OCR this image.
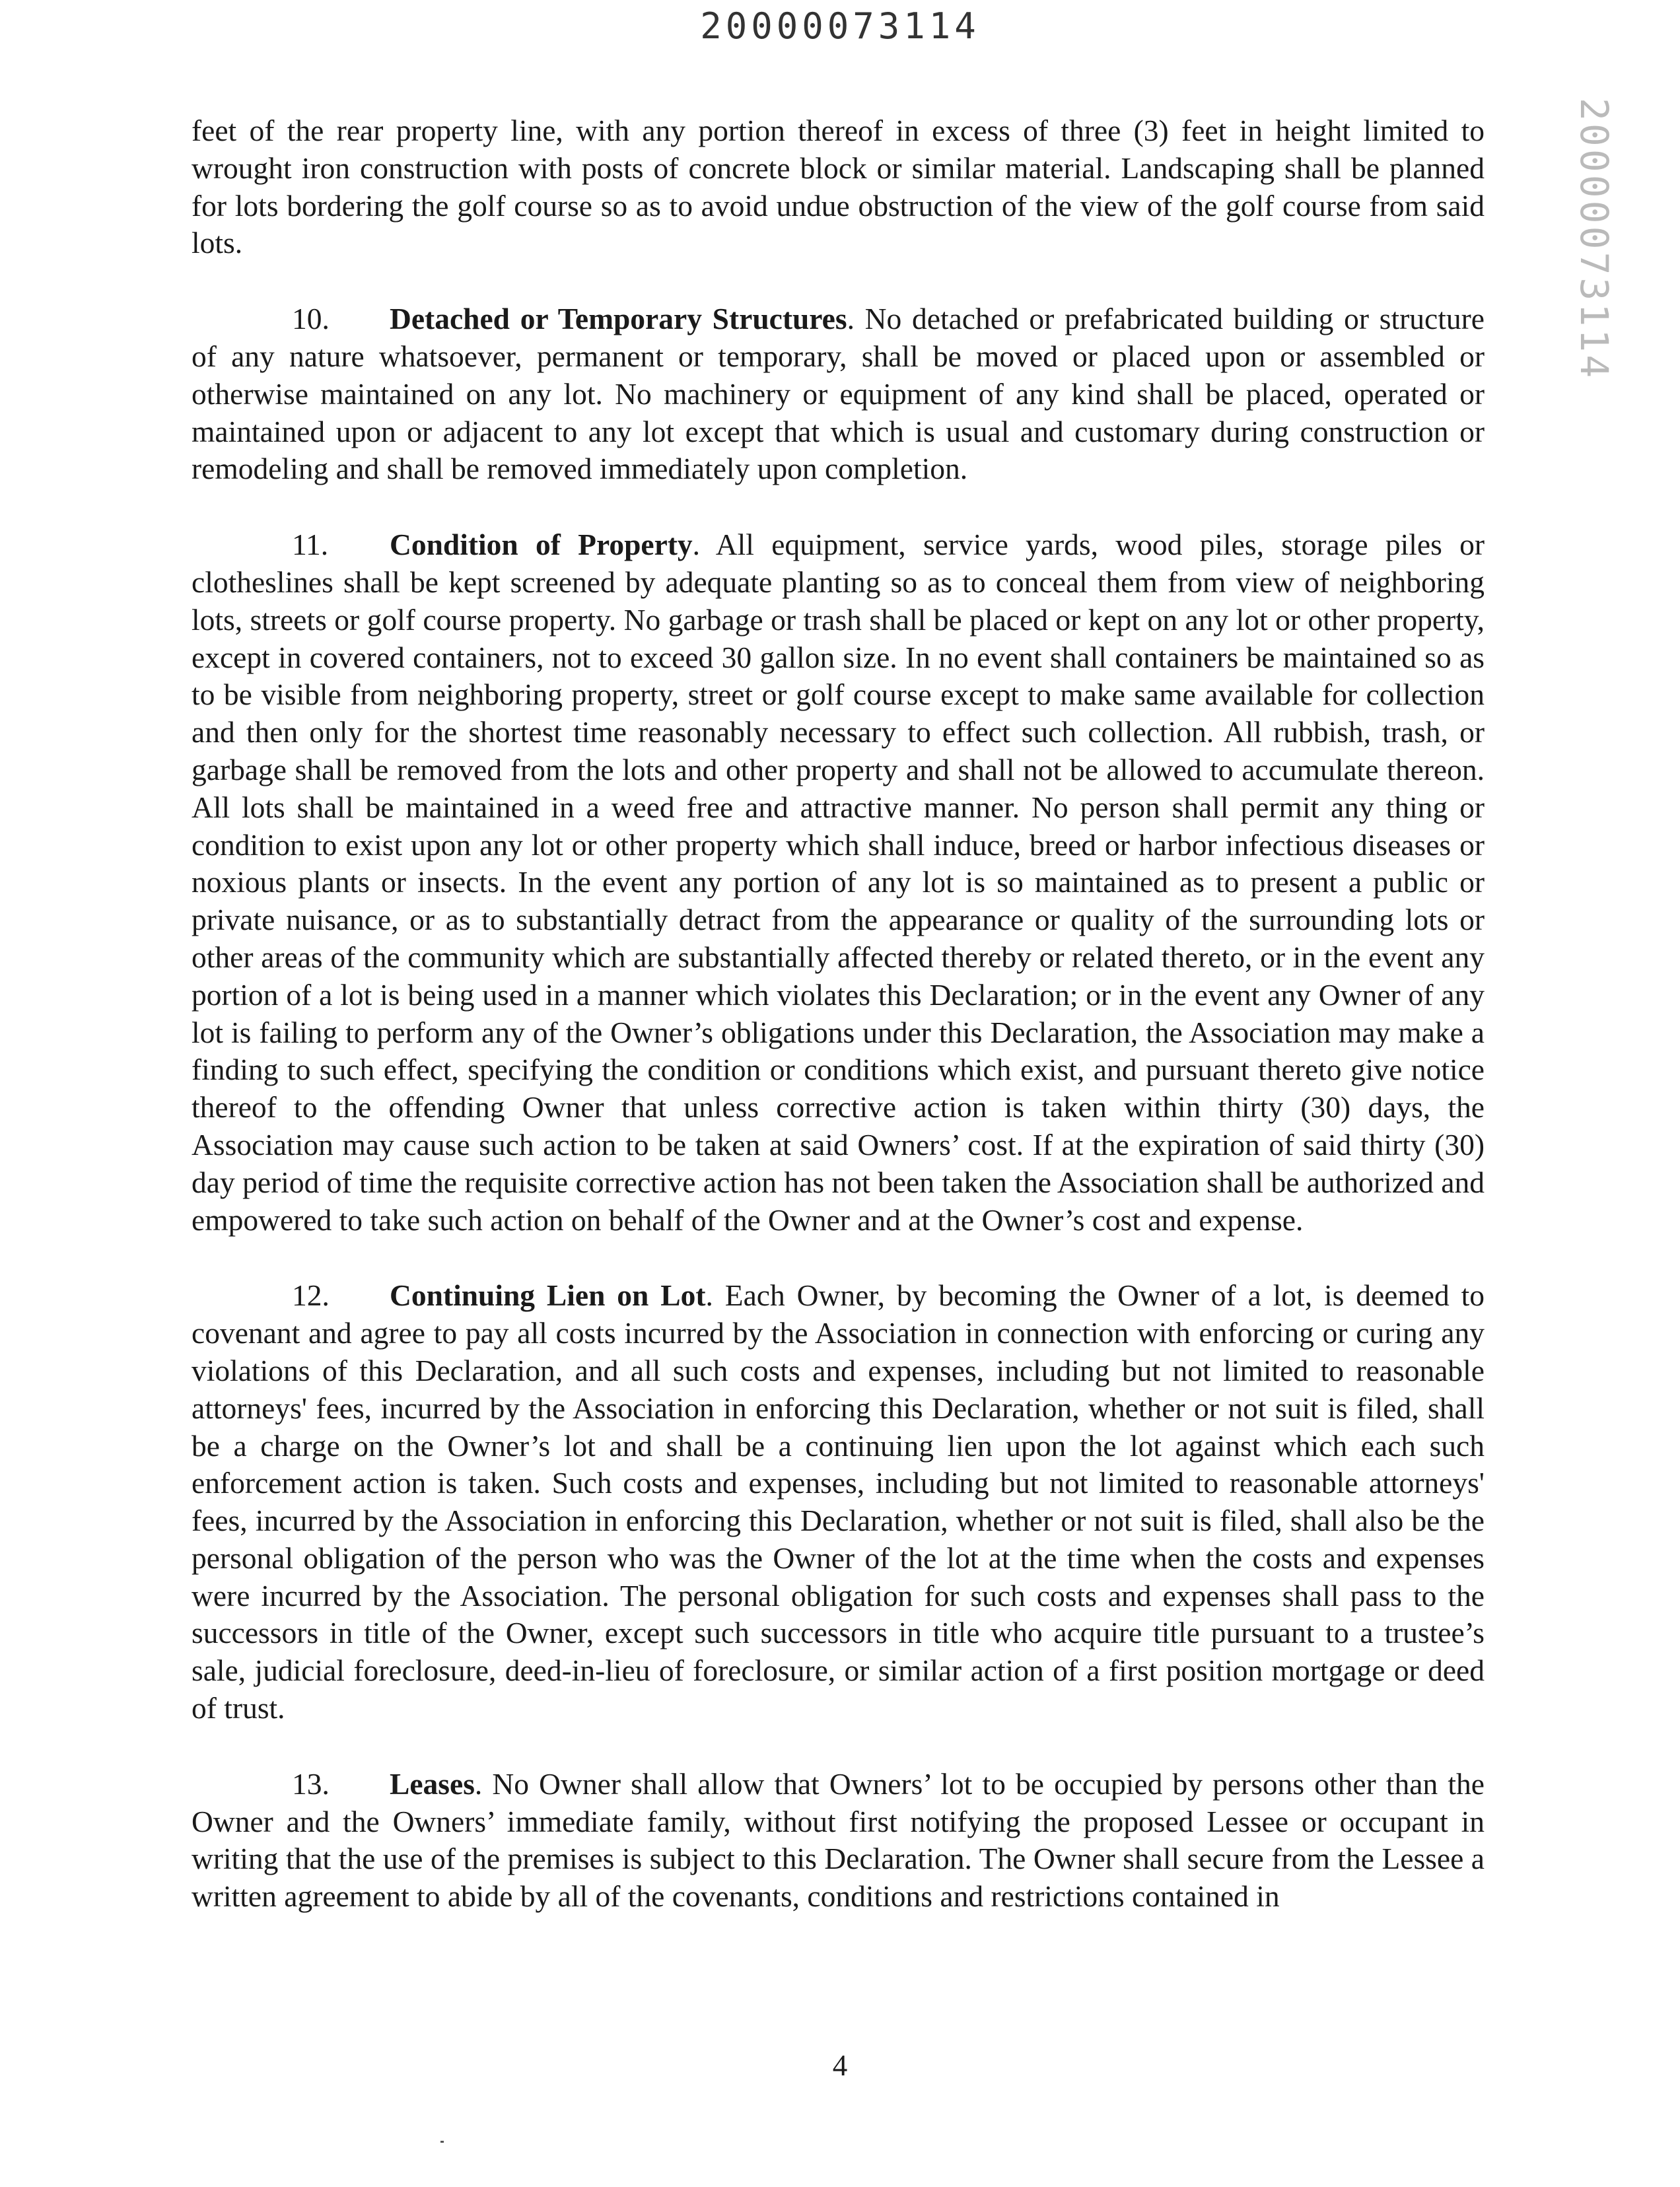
20000073114
20000073114

feet of the rear property line, with any portion thereof in excess of three (3) feet in height limited to wrought iron construction with posts of concrete block or similar material. Landscaping shall be planned for lots bordering the golf course so as to avoid undue obstruction of the view of the golf course from said lots.

10. Detached or Temporary Structures. No detached or prefabricated building or structure of any nature whatsoever, permanent or temporary, shall be moved or placed upon or assembled or otherwise maintained on any lot. No machinery or equipment of any kind shall be placed, operated or maintained upon or adjacent to any lot except that which is usual and customary during construction or remodeling and shall be removed immediately upon completion.

11. Condition of Property. All equipment, service yards, wood piles, storage piles or clotheslines shall be kept screened by adequate planting so as to conceal them from view of neighboring lots, streets or golf course property. No garbage or trash shall be placed or kept on any lot or other property, except in covered containers, not to exceed 30 gallon size. In no event shall containers be maintained so as to be visible from neighboring property, street or golf course except to make same available for collection and then only for the shortest time reasonably necessary to effect such collection. All rubbish, trash, or garbage shall be removed from the lots and other property and shall not be allowed to accumulate thereon. All lots shall be maintained in a weed free and attractive manner. No person shall permit any thing or condition to exist upon any lot or other property which shall induce, breed or harbor infectious diseases or noxious plants or insects. In the event any portion of any lot is so maintained as to present a public or private nuisance, or as to substantially detract from the appearance or quality of the surrounding lots or other areas of the community which are substantially affected thereby or related thereto, or in the event any portion of a lot is being used in a manner which violates this Declaration; or in the event any Owner of any lot is failing to perform any of the Owner’s obligations under this Declaration, the Association may make a finding to such effect, specifying the condition or conditions which exist, and pursuant thereto give notice thereof to the offending Owner that unless corrective action is taken within thirty (30) days, the Association may cause such action to be taken at said Owners’ cost. If at the expiration of said thirty (30) day period of time the requisite corrective action has not been taken the Association shall be authorized and empowered to take such action on behalf of the Owner and at the Owner’s cost and expense.

12. Continuing Lien on Lot. Each Owner, by becoming the Owner of a lot, is deemed to covenant and agree to pay all costs incurred by the Association in connection with enforcing or curing any violations of this Declaration, and all such costs and expenses, including but not limited to reasonable attorneys' fees, incurred by the Association in enforcing this Declaration, whether or not suit is filed, shall be a charge on the Owner’s lot and shall be a continuing lien upon the lot against which each such enforcement action is taken. Such costs and expenses, including but not limited to reasonable attorneys' fees, incurred by the Association in enforcing this Declaration, whether or not suit is filed, shall also be the personal obligation of the person who was the Owner of the lot at the time when the costs and expenses were incurred by the Association. The personal obligation for such costs and expenses shall pass to the successors in title of the Owner, except such successors in title who acquire title pursuant to a trustee’s sale, judicial foreclosure, deed-in-lieu of foreclosure, or similar action of a first position mortgage or deed of trust.

13. Leases. No Owner shall allow that Owners’ lot to be occupied by persons other than the Owner and the Owners’ immediate family, without first notifying the proposed Lessee or occupant in writing that the use of the premises is subject to this Declaration. The Owner shall secure from the Lessee a written agreement to abide by all of the covenants, conditions and restrictions contained in

4
